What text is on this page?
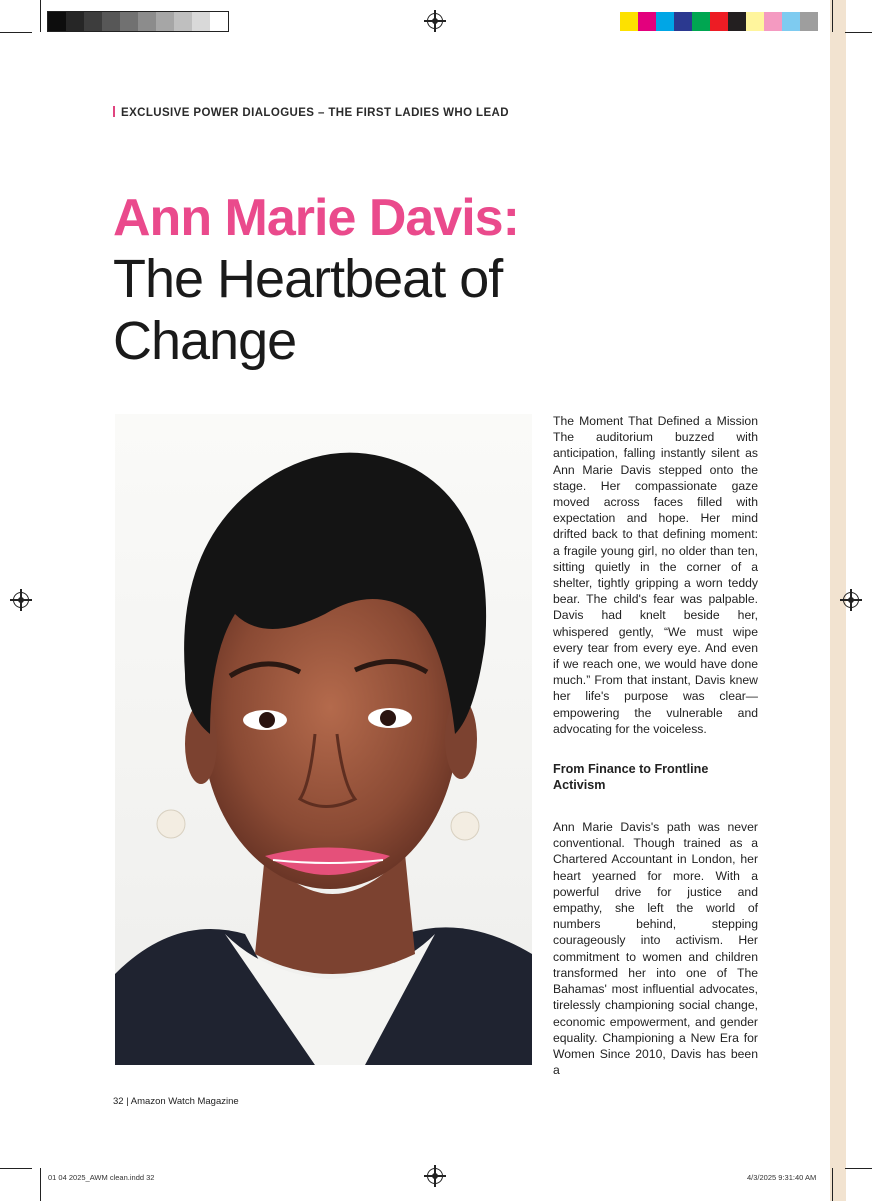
EXCLUSIVE POWER DIALOGUES – THE FIRST LADIES WHO LEAD
Ann Marie Davis:
The Heartbeat of
Change

The Moment That Defined a Mission The auditorium buzzed with anticipation, falling instantly silent as Ann Marie Davis stepped onto the stage. Her compassionate gaze moved across faces filled with expectation and hope. Her mind drifted back to that defining moment: a fragile young girl, no older than ten, sitting quietly in the corner of a shelter, tightly gripping a worn teddy bear. The child's fear was palpable. Davis had knelt beside her, whispered gently, “We must wipe every tear from every eye. And even if we reach one, we would have done much.” From that instant, Davis knew her life's purpose was clear—empowering the vulnerable and advocating for the voiceless.

From Finance to Frontline Activism

Ann Marie Davis's path was never conventional. Though trained as a Chartered Accountant in London, her heart yearned for more. With a powerful drive for justice and empathy, she left the world of numbers behind, stepping courageously into activism. Her commitment to women and children transformed her into one of The Bahamas' most influential advocates, tirelessly championing social change, economic empowerment, and gender equality. Championing a New Era for Women Since 2010, Davis has been a

32 | Amazon Watch Magazine
01 04 2025_AWM clean.indd 32	4/3/2025 9:31:40 AM
